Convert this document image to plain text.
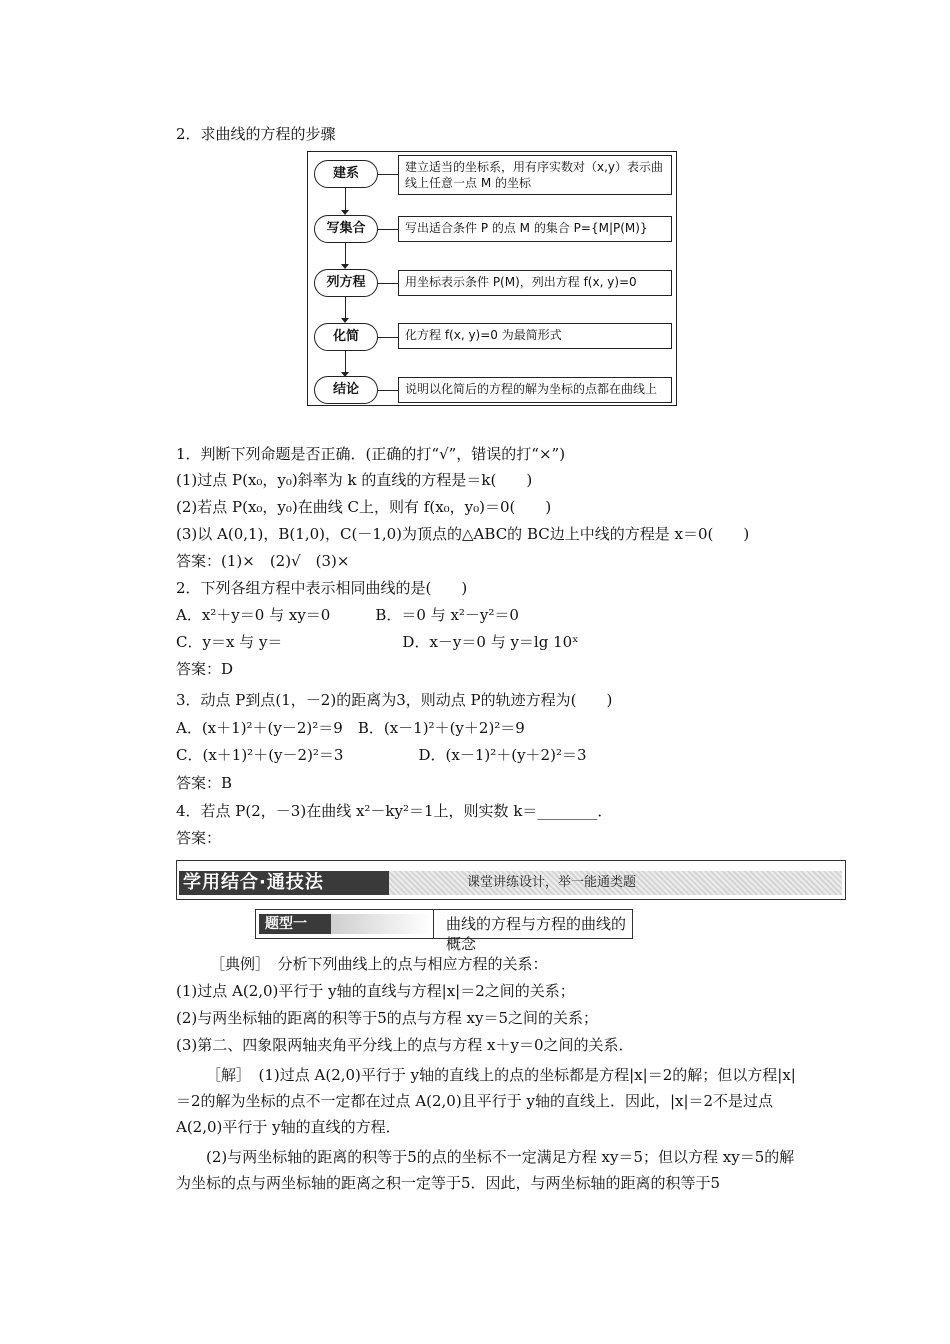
2．求曲线的方程的步骤
建系	建立适当的坐标系，用有序实数对（x,y）表示曲线上任意一点 M 的坐标
写集合	写出适合条件 P 的点 M 的集合 P={M|P(M)}
列方程	用坐标表示条件 P(M)，列出方程 f(x, y)=0
化简	化方程 f(x, y)=0 为最简形式
结论	说明以化简后的方程的解为坐标的点都在曲线上
1．判断下列命题是否正确．(正确的打“√”，错误的打“×”)
(1)过点 P(x₀，y₀)斜率为 k 的直线的方程是＝k(　　)
(2)若点 P(x₀，y₀)在曲线 C上，则有 f(x₀，y₀)＝0(　　)
(3)以 A(0,1)，B(1,0)，C(－1,0)为顶点的△ABC的 BC边上中线的方程是 x＝0(　　)
答案：(1)×　(2)√　(3)×
2．下列各组方程中表示相同曲线的是(　　)
A．x²＋y＝0 与 xy＝0　　　B．＝0 与 x²－y²＝0
C．y＝x 与 y＝　　　　　　　　D．x－y＝0 与 y＝lg 10ˣ
答案：D
3．动点 P到点(1，－2)的距离为3，则动点 P的轨迹方程为(　　)
A．(x＋1)²＋(y－2)²＝9　B．(x－1)²＋(y＋2)²＝9
C．(x＋1)²＋(y－2)²＝3　　　　　D．(x－1)²＋(y＋2)²＝3
答案：B
4．若点 P(2，－3)在曲线 x²－ky²＝1上，则实数 k＝________．
答案：
学用结合·通技法	课堂讲练设计，举一能通类题
题型一	曲线的方程与方程的曲线的概念
［典例］　分析下列曲线上的点与相应方程的关系：
(1)过点 A(2,0)平行于 y轴的直线与方程|x|＝2之间的关系；
(2)与两坐标轴的距离的积等于5的点与方程 xy＝5之间的关系；
(3)第二、四象限两轴夹角平分线上的点与方程 x＋y＝0之间的关系．
［解］　(1)过点 A(2,0)平行于 y轴的直线上的点的坐标都是方程|x|＝2的解；但以方程|x|＝2的解为坐标的点不一定都在过点 A(2,0)且平行于 y轴的直线上．因此，|x|＝2不是过点 A(2,0)平行于 y轴的直线的方程．
(2)与两坐标轴的距离的积等于5的点的坐标不一定满足方程 xy＝5；但以方程 xy＝5的解为坐标的点与两坐标轴的距离之积一定等于5．因此，与两坐标轴的距离的积等于5
